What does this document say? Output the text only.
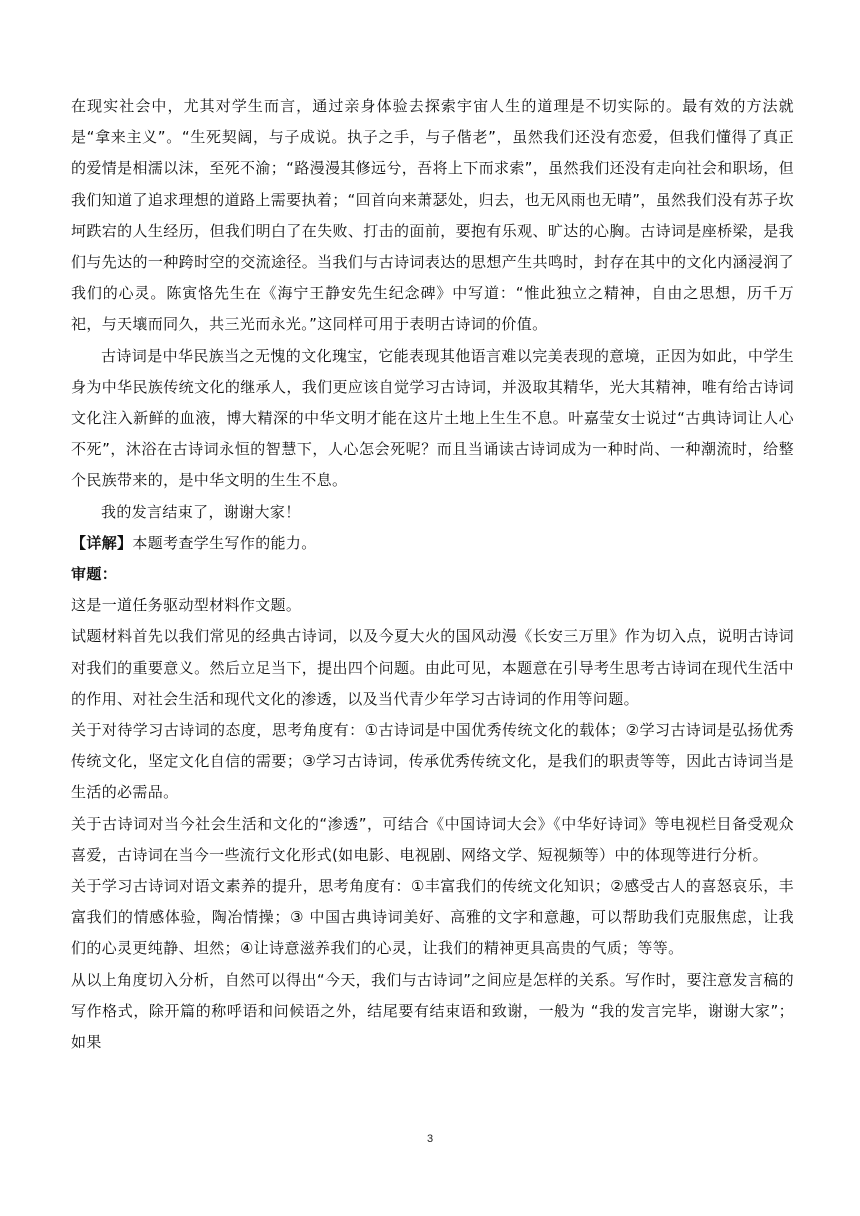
在现实社会中，尤其对学生而言，通过亲身体验去探索宇宙人生的道理是不切实际的。最有效的方法就是“拿来主义”。“生死契阔，与子成说。执子之手，与子偕老”，虽然我们还没有恋爱，但我们懂得了真正的爱情是相濡以沫，至死不渝；“路漫漫其修远兮，吾将上下而求索”，虽然我们还没有走向社会和职场，但我们知道了追求理想的道路上需要执着；“回首向来萧瑟处，归去，也无风雨也无晴”，虽然我们没有苏子坎坷跌宕的人生经历，但我们明白了在失败、打击的面前，要抱有乐观、旷达的心胸。古诗词是座桥梁，是我们与先达的一种跨时空的交流途径。当我们与古诗词表达的思想产生共鸣时，封存在其中的文化内涵浸润了我们的心灵。陈寅恪先生在《海宁王静安先生纪念碑》中写道：“惟此独立之精神，自由之思想，历千万祀，与天壤而同久，共三光而永光。”这同样可用于表明古诗词的价值。

古诗词是中华民族当之无愧的文化瑰宝，它能表现其他语言难以完美表现的意境，正因为如此，中学生身为中华民族传统文化的继承人，我们更应该自觉学习古诗词，并汲取其精华，光大其精神，唯有给古诗词文化注入新鲜的血液，博大精深的中华文明才能在这片土地上生生不息。叶嘉莹女士说过“古典诗词让人心不死”，沐浴在古诗词永恒的智慧下，人心怎会死呢？而且当诵读古诗词成为一种时尚、一种潮流时，给整个民族带来的，是中华文明的生生不息。

我的发言结束了，谢谢大家！

【详解】本题考查学生写作的能力。

审题：

这是一道任务驱动型材料作文题。

试题材料首先以我们常见的经典古诗词，以及今夏大火的国风动漫《长安三万里》作为切入点，说明古诗词对我们的重要意义。然后立足当下，提出四个问题。由此可见，本题意在引导考生思考古诗词在现代生活中的作用、对社会生活和现代文化的渗透，以及当代青少年学习古诗词的作用等问题。

关于对待学习古诗词的态度，思考角度有：①古诗词是中国优秀传统文化的载体；②学习古诗词是弘扬优秀传统文化，坚定文化自信的需要；③学习古诗词，传承优秀传统文化，是我们的职责等等，因此古诗词当是生活的必需品。

关于古诗词对当今社会生活和文化的“渗透”，可结合《中国诗词大会》《中华好诗词》等电视栏目备受观众喜爱，古诗词在当今一些流行文化形式(如电影、电视剧、网络文学、短视频等）中的体现等进行分析。

关于学习古诗词对语文素养的提升，思考角度有：①丰富我们的传统文化知识；②感受古人的喜怒哀乐，丰富我们的情感体验，陶冶情操；③ 中国古典诗词美好、高雅的文字和意趣，可以帮助我们克服焦虑，让我们的心灵更纯静、坦然；④让诗意滋养我们的心灵，让我们的精神更具高贵的气质；等等。

从以上角度切入分析，自然可以得出“今天，我们与古诗词”之间应是怎样的关系。写作时，要注意发言稿的写作格式，除开篇的称呼语和问候语之外，结尾要有结束语和致谢，一般为 “我的发言完毕，谢谢大家”；如果

3
